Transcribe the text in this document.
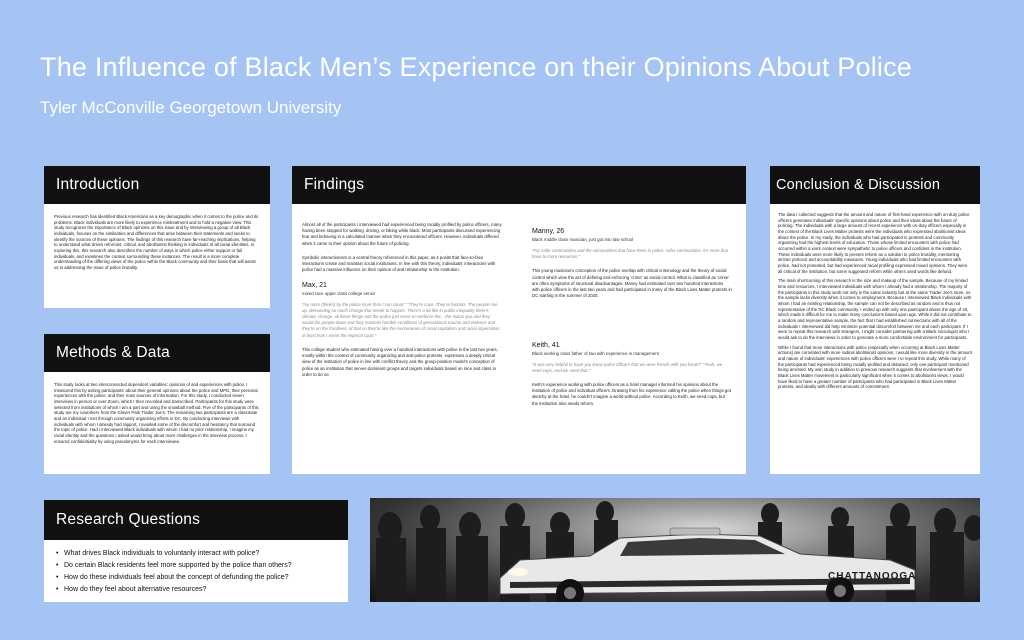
The Influence of Black Men’s Experience on their Opinions About Police
Tyler McConville Georgetown University
Introduction

Previous research has identified Black Americans as a key demographic when it comes to the police and its problems. Black individuals are more likely to experience mistreatment and to hold a negative view. This study recognizes the importance of Black opinions on this issue and by interviewing a group of all Black individuals, focuses on the similarities and differences that arise between their statements and seeks to identify the sources of these opinions. The findings of this research have far-reaching implications, helping to understand what drives reformist, critical, and abolitionist thinking in individuals of all racial identities. In exploring this, this research also describes the number of ways in which police either support or fail individuals, and examines the context surrounding these instances. The result is a more complete understanding of the differing views of the police within the Black community and their basis that will assist us in addressing the issue of police brutality.

Methods & Data

This study looks at two interconnected dependent variables: opinions of and experiences with police. I measured this by asking participants' about their general opinions about the police and MPD, their personal experiences with the police, and their main sources of information. For this study, I conducted seven interviews in person or over Zoom, which I then recorded and transcribed. Participants for this study were selected from institutions of which I am a part and using the snowball method. Five of the participants of this study are my coworkers from the Glover Park Trader Joe's. The remaining two participants are a classmate and an individual I met through community organizing efforts in DC. By conducting interviews with individuals with whom I already had rapport, I avoided some of the discomfort and hesitancy that surround the topic of police. Had I interviewed Black individuals with whom I had no prior relationship, I imagine my racial identity and the questions I asked would bring about more challenges in the interview process. I ensured confidentiality by using pseudonyms for each interviewee.

Research Questions
• What drives Black individuals to voluntarily interact with police?
• Do certain Black residents feel more supported by the police than others?
• How do these individuals feel about the concept of defunding the police?
• How do they feel about alternative resources?
Findings

Almost all of the participants I interviewed had experienced being racially profiled by police officers, many having been stopped for walking, driving, or biking while black. Most participants discussed experiencing fear and behaving in a calculated manner when they encountered officers. However, individuals differed when it came to their opinion about the future of policing.

Symbolic interactionism is a central theory referenced in this paper, as it posits that face-to-face interactions create and maintain social institutions. In line with this theory, individuals' interactions with police had a massive influence on their opinion of and relationship to the institution.

Max, 21
mixed race upper class college senior

"my mom (thinks) by the police more than I can count." "They're cops. They're fascists. The people rise up, demanding so much change that needs to happen. There's a lot like in public inequality there's climate, change, all these things and the police just serve to reinforce the... the status quo and they would the people down and they maintain horrible conditions of generational trauma and violence and they're on the frontlines, of that so they're like the mercenaries of racial capitalism and racial imperialism, at least how I mean the imperial court."

This college student who estimated having over a hundred interactions with police in the last two years, mostly within the context of community organizing and anti-police protests, expresses a deeply critical view of the institution of police in line with conflict theory and the group-position model's conception of police as an institution that serves dominant groups and targets individuals based on race and class in order to do so.

Manny, 26
Black middle class musician, just got into law school

"For safer communities and the communities that have them in police, safer communities. It's more that have to more resources."

This young musician's conception of the police overlap with critical criminology and the theory of social control which view the act of defining and enforcing 'crime' as social control. What is classified as 'crime' are often symptoms of structural disadvantages. Manny had estimated over two hundred interactions with police officers in the last two years and had participated in many of the Black Lives Matter protests in DC starting in the summer of 2020.

Keith, 41
Black working class father of two with experience in management

"It was very helpful to have you know police officers that we were friends with you know?" "Yeah, we need cops. And we need that."

Keith's experience working with police officers as a hotel manager informed his opinions about the institution of police and individual officers. Drawing from his experience calling the police when things got sketchy at the hotel, he couldn't imagine a world without police. According to Keith, we need cops, but the institution also needs reform.

Conclusion & Discussion

The data I collected suggests that the amount and nature of first-hand experience with on-duty police officers generates individuals' specific opinions about police and their ideas about the future of policing. The individuals with a large amount of recent experience with on-duty officers especially in the context of the Black Lives Matter protests were the individuals who expressed abolitionist ideas about the police. In my study, the individuals who had participated in protests and community organizing had the highest levels of education. Those whose limited encounters with police had occurred within a work context were sympathetic to police officers and confident in the institution. These individuals were more likely to present reform as a solution to police brutality, mentioning stricter protocol and accountability measures. Young individuals who had limited encounters with police, had not protested, but had experienced racial profiling expressed mixed opinions. They were all critical of the institution, but some suggested reform while others used words like defund.

The main shortcoming of this research is the size and makeup of the sample. Because of my limited time and resources, I interviewed individuals with whom I already had a relationship. The majority of the participants in this study work not only in the same industry but at the same Trader Joe's store, so the sample lacks diversity when it comes to employment. Because I interviewed Black individuals with whom I had an existing relationship, the sample can not be described as random and is thus not representative of the DC Black community. I ended up with only one participant above the age of 40, which made it difficult for me to make many conclusions based upon age. While it did not contribute to a random and representative sample, the fact that I had established connections with all of the individuals I interviewed did help minimize potential discomfort between me and each participant. If I were to repeat this research with strangers, I might consider partnering with a Black sociologist who I would ask to do the interviews in order to generate a more comfortable environment for participants.

While I found that more interactions with police (especially when occurring at Black Lives Matter actions) are correlated with more radical abolitionist opinions, I would like more diversity in the amount and nature of individuals' experiences with police officers were I to repeat this study. While many of the participants had experienced being racially profiled and detained, only one participant mentioned being arrested. My own study in addition to previous research suggests that involvement with the Black Lives Matter movement is particularly significant when it comes to abolitionist views. I would have liked to have a greater number of participants who had participated in Black Lives Matter protests, and ideally with different amounts of commitment.

CHATTANOOGA
